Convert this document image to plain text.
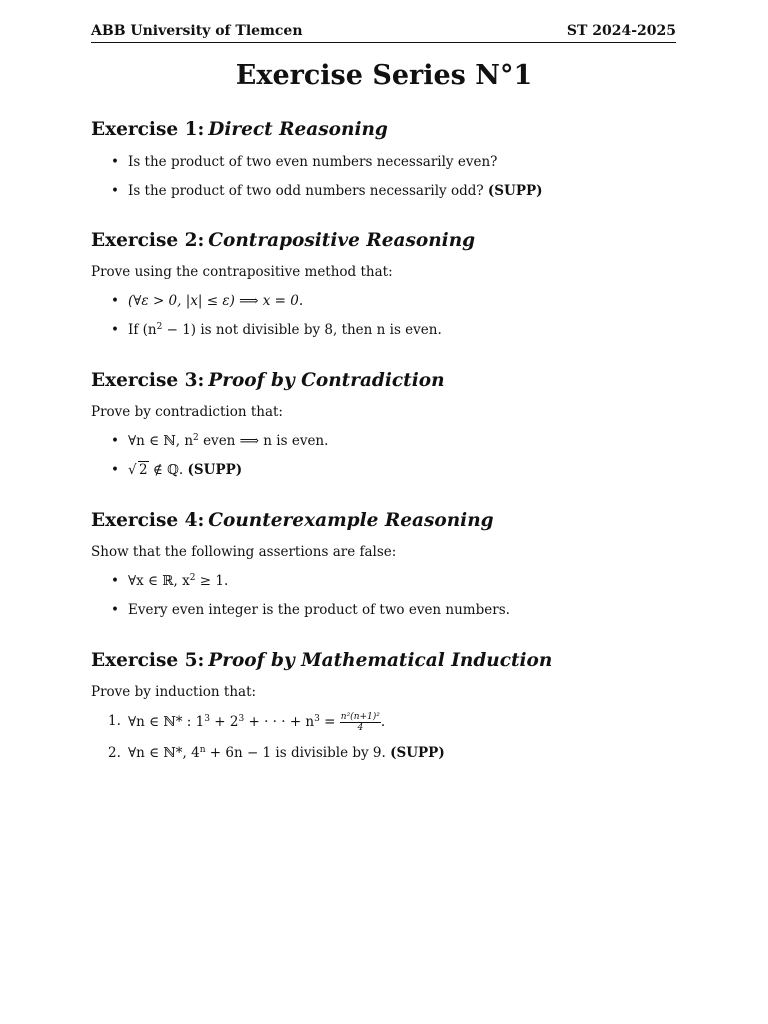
ABB University of Tlemcen	ST 2024-2025
Exercise Series N°1
Exercise 1: Direct Reasoning
• Is the product of two even numbers necessarily even?
• Is the product of two odd numbers necessarily odd? (SUPP)
Exercise 2: Contrapositive Reasoning
Prove using the contrapositive method that:
• (∀ε > 0, |x| ≤ ε) ⟹ x = 0.
• If $(n^2 - 1)$ is not divisible by 8, then n is even.
Exercise 3: Proof by Contradiction
Prove by contradiction that:
• ∀n ∈ ℕ, $n^2$ even ⟹ n is even.
•
√ 2 ∉ ℚ. (SUPP)
Exercise 4: Counterexample Reasoning
Show that the following assertions are false:
• ∀x ∈ ℝ, $x^2 \ge 1$.
• Every even integer is the product of two even numbers.
Exercise 5: Proof by Mathematical Induction
Prove by induction that:
1. ∀n ∈ ℕ* : $1^3 + 2^3$ + · · · + $n^3 = \frac{\text{n²(n+1)²}}{4}$ .
2. ∀n ∈ ℕ*, $4^n + 6n - 1$ is divisible by 9. (SUPP)
